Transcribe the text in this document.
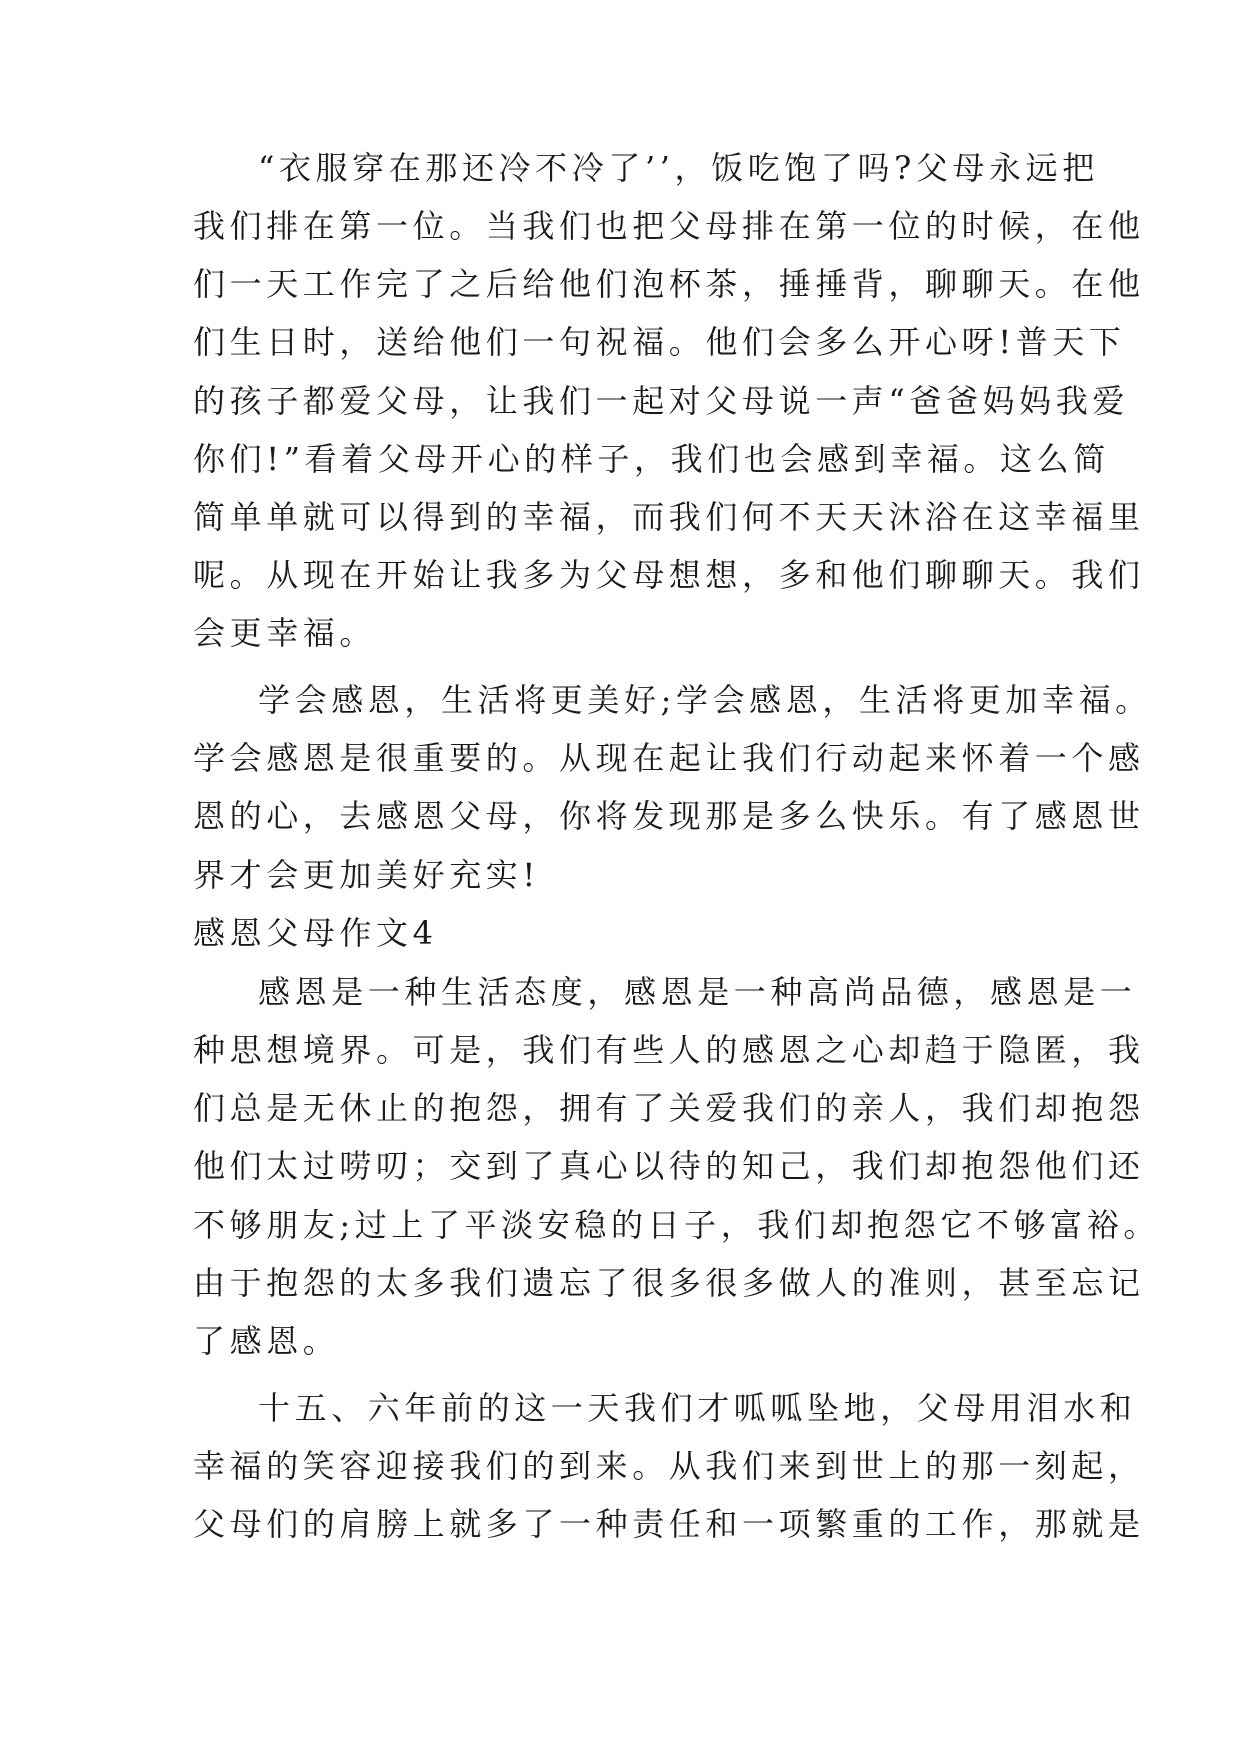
“衣服穿在那还冷不冷了’’，饭吃饱了吗?父母永远把
我们排在第一位。当我们也把父母排在第一位的时候，在他
们一天工作完了之后给他们泡杯茶，捶捶背，聊聊天。在他
们生日时，送给他们一句祝福。他们会多么开心呀!普天下
的孩子都爱父母，让我们一起对父母说一声“爸爸妈妈我爱
你们!”看着父母开心的样子，我们也会感到幸福。这么简
简单单就可以得到的幸福，而我们何不天天沐浴在这幸福里
呢。从现在开始让我多为父母想想，多和他们聊聊天。我们
会更幸福。
学会感恩，生活将更美好;学会感恩，生活将更加幸福。
学会感恩是很重要的。从现在起让我们行动起来怀着一个感
恩的心，去感恩父母，你将发现那是多么快乐。有了感恩世
界才会更加美好充实!
感恩父母作文4
感恩是一种生活态度，感恩是一种高尚品德，感恩是一
种思想境界。可是，我们有些人的感恩之心却趋于隐匿，我
们总是无休止的抱怨，拥有了关爱我们的亲人，我们却抱怨
他们太过唠叨；交到了真心以待的知己，我们却抱怨他们还
不够朋友;过上了平淡安稳的日子，我们却抱怨它不够富裕。
由于抱怨的太多我们遗忘了很多很多做人的准则，甚至忘记
了感恩。
十五、六年前的这一天我们才呱呱坠地，父母用泪水和
幸福的笑容迎接我们的到来。从我们来到世上的那一刻起，
父母们的肩膀上就多了一种责任和一项繁重的工作，那就是
